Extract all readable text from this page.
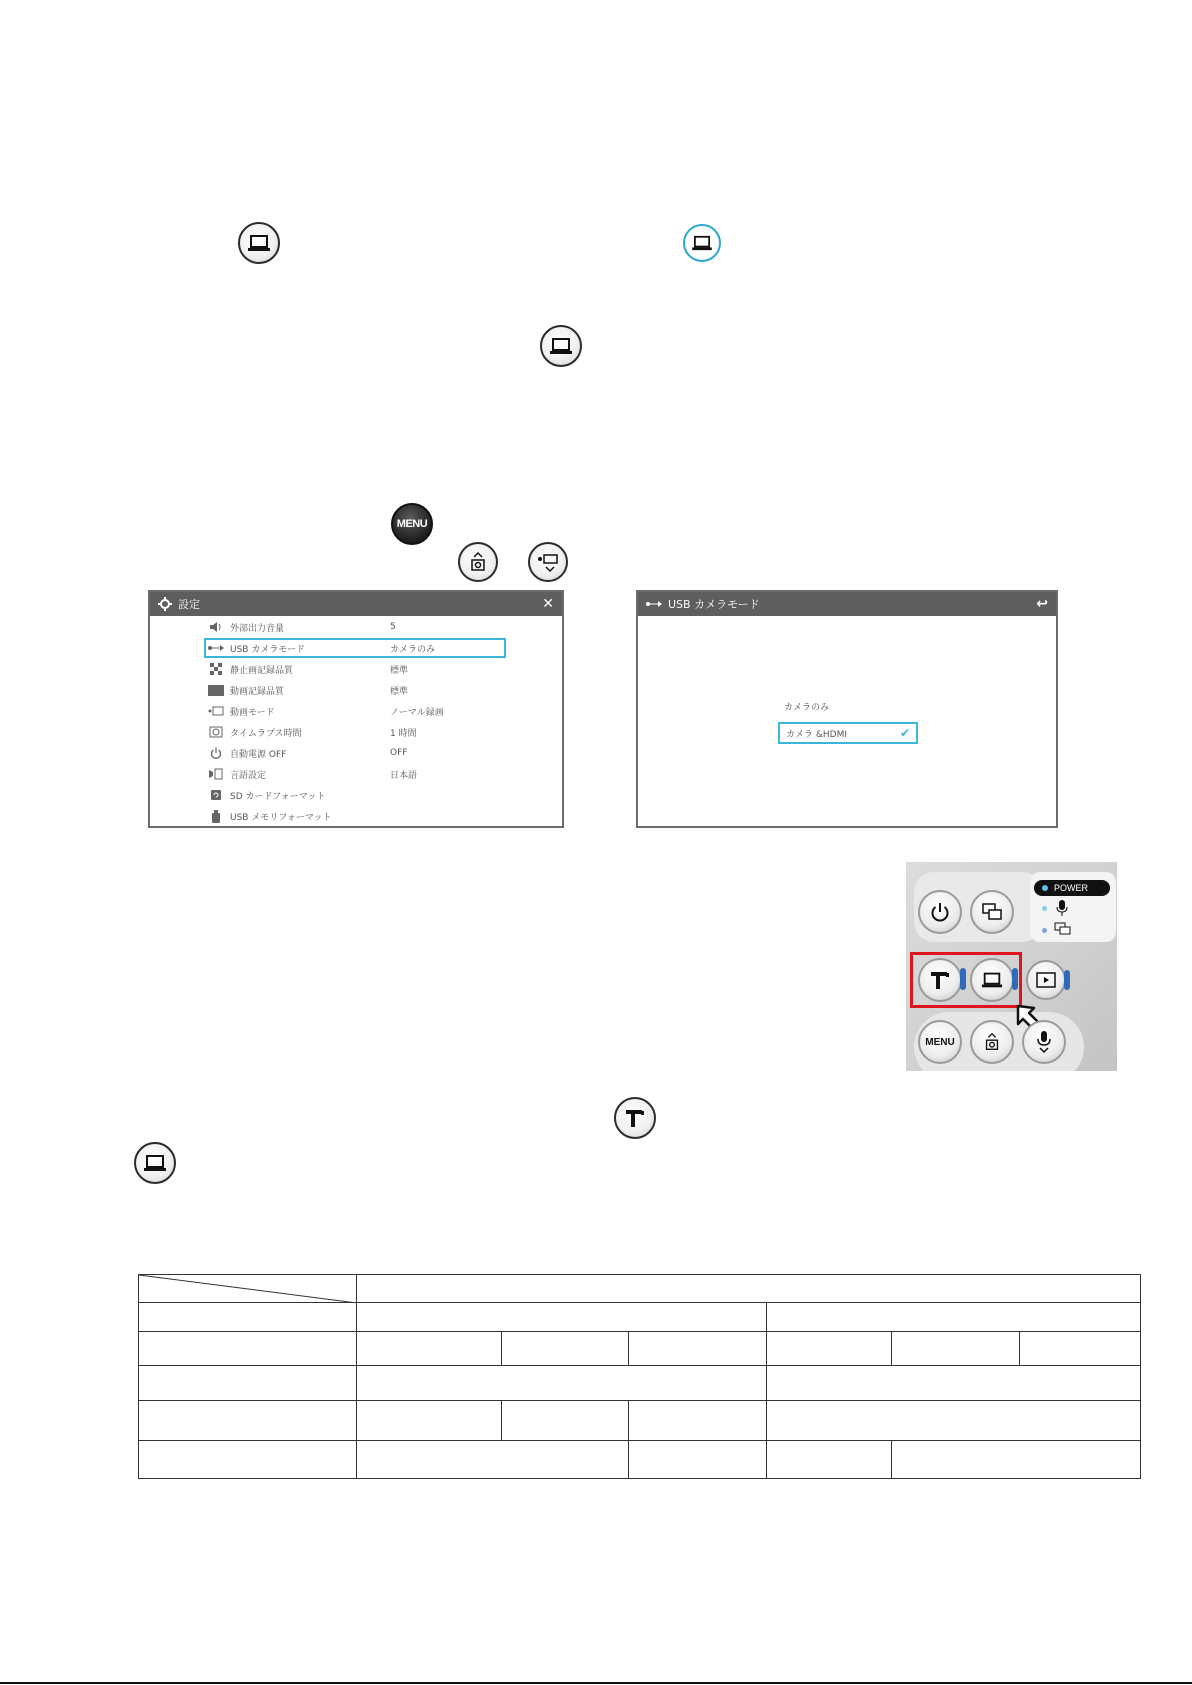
MENU
設定	✕
外部出力音量	5
USB カメラモード	カメラのみ
静止画記録品質	標準
動画記録品質	標準
動画モード	ノーマル録画
タイムラプス時間	1 時間
自動電源 OFF	OFF
言語設定	日本語
SD カードフォーマット
USB メモリフォーマット
USB カメラモード	↩
カメラのみ
カメラ &HDMI	✔
POWER
MENU
